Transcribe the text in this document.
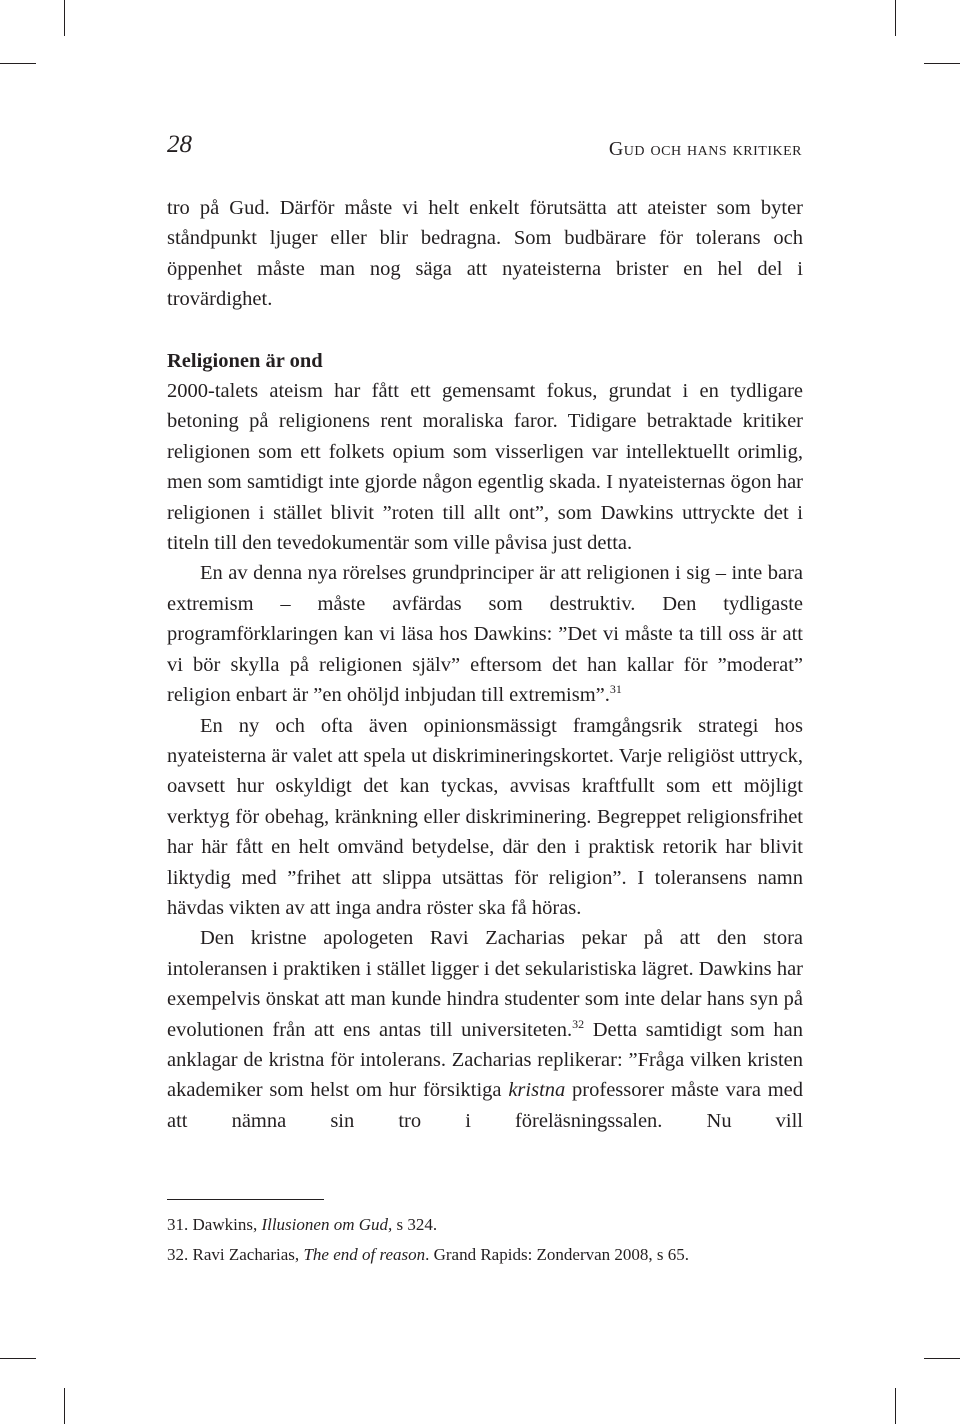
28	Gud och hans kritiker

tro på Gud. Därför måste vi helt enkelt förutsätta att ateister som byter ståndpunkt ljuger eller blir bedragna. Som budbärare för tolerans och öppenhet måste man nog säga att nyateisterna brister en hel del i trovärdighet.

Religionen är ond

2000-talets ateism har fått ett gemensamt fokus, grundat i en tydligare betoning på religionens rent moraliska faror. Tidigare betraktade kritiker religionen som ett folkets opium som visserligen var intellektuellt orimlig, men som samtidigt inte gjorde någon egentlig skada. I nyateisternas ögon har religionen i stället blivit ”roten till allt ont”, som Dawkins uttryckte det i titeln till den tevedokumentär som ville påvisa just detta.

En av denna nya rörelses grundprinciper är att religionen i sig – inte bara extremism – måste avfärdas som destruktiv. Den tydligaste programförklaringen kan vi läsa hos Dawkins: ”Det vi måste ta till oss är att vi bör skylla på religionen själv” eftersom det han kallar för ”moderat” religion enbart är ”en ohöljd inbjudan till extremism”.$^{31}$

En ny och ofta även opinionsmässigt framgångsrik strategi hos nyateisterna är valet att spela ut diskrimineringskortet. Varje religiöst uttryck, oavsett hur oskyldigt det kan tyckas, avvisas kraftfullt som ett möjligt verktyg för obehag, kränkning eller diskriminering. Begreppet religionsfrihet har här fått en helt omvänd betydelse, där den i praktisk retorik har blivit liktydig med ”frihet att slippa utsättas för religion”. I toleransens namn hävdas vikten av att inga andra röster ska få höras.

Den kristne apologeten Ravi Zacharias pekar på att den stora intoleransen i praktiken i stället ligger i det sekularistiska lägret. Dawkins har exempelvis önskat att man kunde hindra studenter som inte delar hans syn på evolutionen från att ens antas till universiteten.$^{32}$ Detta samtidigt som han anklagar de kristna för intolerans. Zacharias replikerar: ”Fråga vilken kristen akademiker som helst om hur försiktiga kristna professorer måste vara med att nämna sin tro i föreläsningssalen. Nu vill

31. Dawkins, Illusionen om Gud, s 324.
32. Ravi Zacharias, The end of reason. Grand Rapids: Zondervan 2008, s 65.
